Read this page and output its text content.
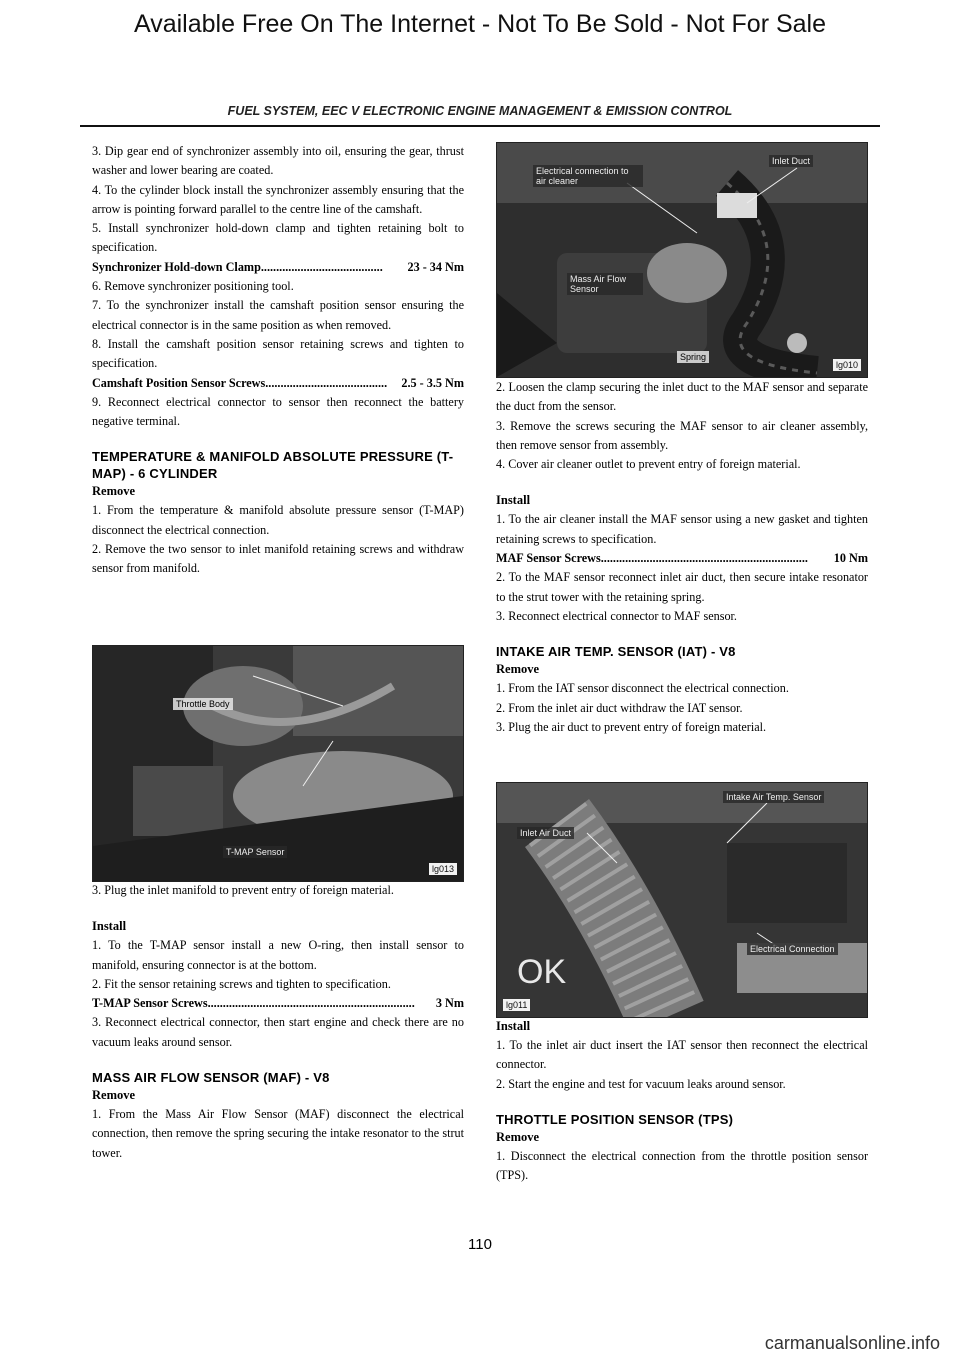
Available Free On The Internet - Not To Be Sold - Not For Sale
FUEL SYSTEM, EEC V ELECTRONIC ENGINE MANAGEMENT & EMISSION CONTROL

3. Dip gear end of synchronizer assembly into oil, ensuring the gear, thrust washer and lower bearing are coated.

4. To the cylinder block install the synchronizer assembly ensuring that the arrow is pointing forward parallel to the centre line of the camshaft.

5. Install synchronizer hold-down clamp and tighten retaining bolt to specification.

Synchronizer Hold-down Clamp ........................................	23 - 34 Nm

6. Remove synchronizer positioning tool.

7. To the synchronizer install the camshaft position sensor ensuring the electrical connector is in the same position as when removed.

8. Install the camshaft position sensor retaining screws and tighten to specification.

Camshaft Position Sensor Screws ........................................	2.5 - 3.5 Nm

9. Reconnect electrical connector to sensor then reconnect the battery negative terminal.

TEMPERATURE & MANIFOLD ABSOLUTE PRESSURE (T-MAP) - 6 CYLINDER
Remove

1. From the temperature & manifold absolute pressure sensor (T-MAP) disconnect the electrical connection.

2. Remove the two sensor to inlet manifold retaining screws and withdraw sensor from manifold.

Throttle Body
T-MAP Sensor
lg013

3. Plug the inlet manifold to prevent entry of foreign material.

Install

1. To the T-MAP sensor install a new O-ring, then install sensor to manifold, ensuring connector is at the bottom.

2. Fit the sensor retaining screws and tighten to specification.

T-MAP Sensor Screws ....................................................................	3 Nm

3. Reconnect electrical connector, then start engine and check there are no vacuum leaks around sensor.

MASS AIR FLOW SENSOR (MAF) - V8
Remove

1. From the Mass Air Flow Sensor (MAF) disconnect the electrical connection, then remove the spring securing the intake resonator to the strut tower.

Electrical connection to air cleaner
Inlet Duct
Mass Air Flow Sensor
Spring
lg010

2. Loosen the clamp securing the inlet duct to the MAF sensor and separate the duct from the sensor.

3. Remove the screws securing the MAF sensor to air cleaner assembly, then remove sensor from assembly.

4. Cover air cleaner outlet to prevent entry of foreign material.

Install

1. To the air cleaner install the MAF sensor using a new gasket and tighten retaining screws to specification.

MAF Sensor Screws ....................................................................	10 Nm

2. To the MAF sensor reconnect inlet air duct, then secure intake resonator to the strut tower with the retaining spring.

3. Reconnect electrical connector to MAF sensor.

INTAKE AIR TEMP. SENSOR (IAT) - V8
Remove

1. From the IAT sensor disconnect the electrical connection.

2. From the inlet air duct withdraw the IAT sensor.

3. Plug the air duct to prevent entry of foreign material.

OK
Intake Air Temp. Sensor
Inlet Air Duct
Electrical Connection
lg011
Install

1. To the inlet air duct insert the IAT sensor then reconnect the electrical connector.

2. Start the engine and test for vacuum leaks around sensor.

THROTTLE POSITION SENSOR (TPS)
Remove

1. Disconnect the electrical connection from the throttle position sensor (TPS).

110
carmanualsonline.info
